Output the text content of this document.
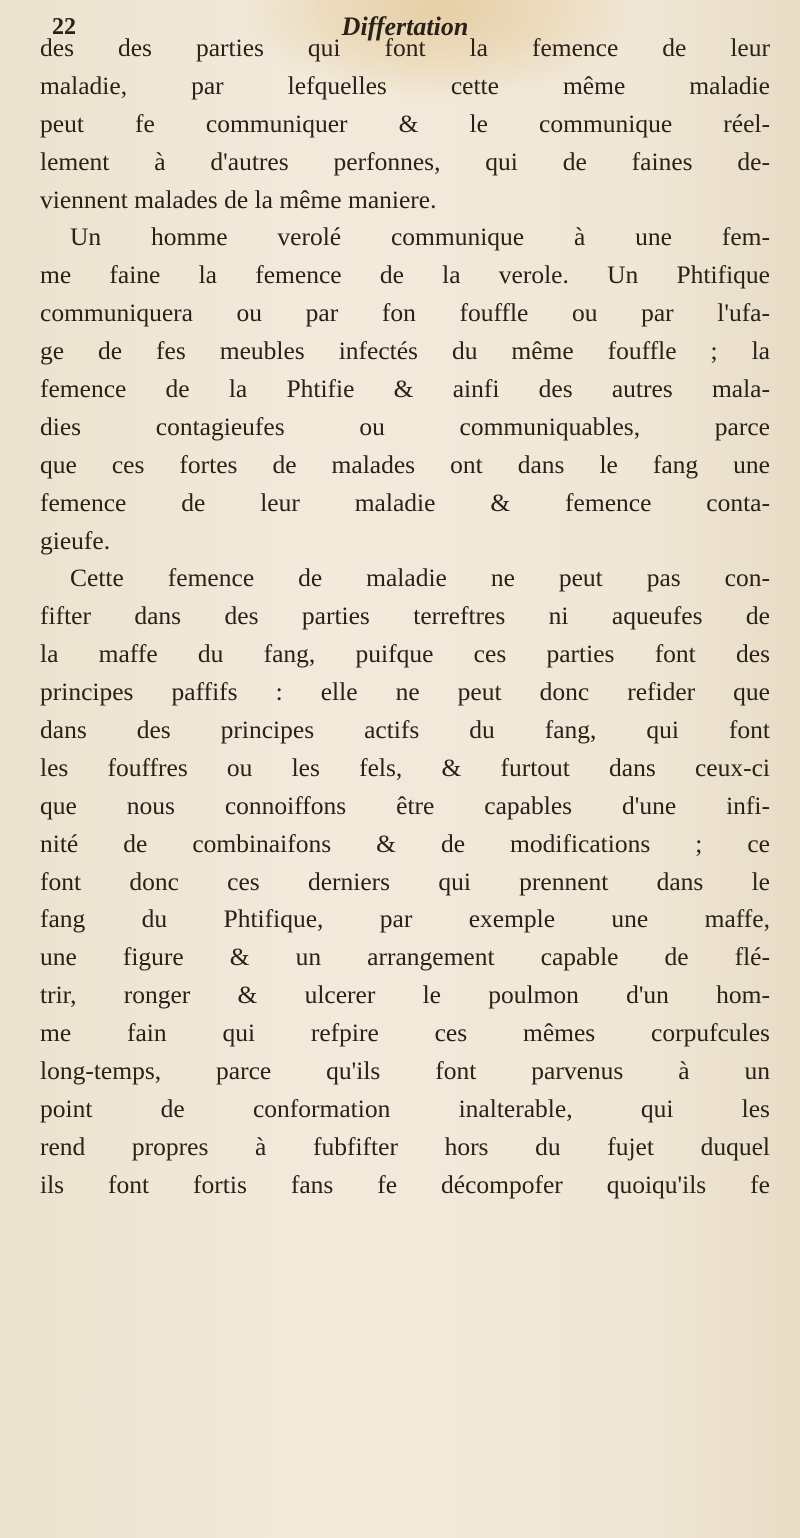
22	Differtation
des des parties qui font la femence de leur
maladie, par lefquelles cette même maladie
peut fe communiquer & le communique réel-
lement à d'autres perfonnes, qui de faines de-
viennent malades de la même maniere.
Un homme verolé communique à une fem-
me faine la femence de la verole. Un Phtifique
communiquera ou par fon fouffle ou par l'ufa-
ge de fes meubles infectés du même fouffle ; la
femence de la Phtifie & ainfi des autres mala-
dies contagieufes ou communiquables, parce
que ces fortes de malades ont dans le fang une
femence de leur maladie & femence conta-
gieufe.
Cette femence de maladie ne peut pas con-
fifter dans des parties terreftres ni aqueufes de
la maffe du fang, puifque ces parties font des
principes paffifs : elle ne peut donc refider que
dans des principes actifs du fang, qui font
les fouffres ou les fels, & furtout dans ceux-ci
que nous connoiffons être capables d'une infi-
nité de combinaifons & de modifications ; ce
font donc ces derniers qui prennent dans le
fang du Phtifique, par exemple une maffe,
une figure & un arrangement capable de flé-
trir, ronger & ulcerer le poulmon d'un hom-
me fain qui refpire ces mêmes corpufcules
long-temps, parce qu'ils font parvenus à un
point de conformation inalterable, qui les
rend propres à fubfifter hors du fujet duquel
ils font fortis fans fe décompofer quoiqu'ils fe
